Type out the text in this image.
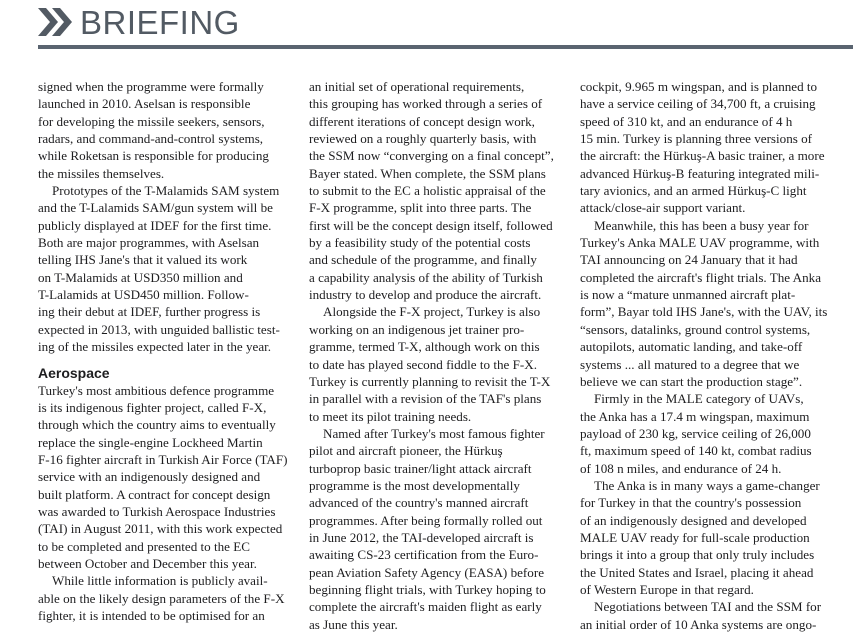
BRIEFING

signed when the programme were formally
launched in 2010. Aselsan is responsible
for developing the missile seekers, sensors,
radars, and command-and-control systems,
while Roketsan is responsible for producing
the missiles themselves.

Prototypes of the T-Malamids SAM system
and the T-Lalamids SAM/gun system will be
publicly displayed at IDEF for the first time.
Both are major programmes, with Aselsan
telling IHS Jane's that it valued its work
on T-Malamids at USD350 million and
T-Lalamids at USD450 million. Follow-
ing their debut at IDEF, further progress is
expected in 2013, with unguided ballistic test-
ing of the missiles expected later in the year.

Aerospace

Turkey's most ambitious defence programme
is its indigenous fighter project, called F-X,
through which the country aims to eventually
replace the single-engine Lockheed Martin
F-16 fighter aircraft in Turkish Air Force (TAF)
service with an indigenously designed and
built platform. A contract for concept design
was awarded to Turkish Aerospace Industries
(TAI) in August 2011, with this work expected
to be completed and presented to the EC
between October and December this year.

While little information is publicly avail-
able on the likely design parameters of the F-X
fighter, it is intended to be optimised for an

an initial set of operational requirements,
this grouping has worked through a series of
different iterations of concept design work,
reviewed on a roughly quarterly basis, with
the SSM now “converging on a final concept”,
Bayer stated. When complete, the SSM plans
to submit to the EC a holistic appraisal of the
F-X programme, split into three parts. The
first will be the concept design itself, followed
by a feasibility study of the potential costs
and schedule of the programme, and finally
a capability analysis of the ability of Turkish
industry to develop and produce the aircraft.

Alongside the F-X project, Turkey is also
working on an indigenous jet trainer pro-
gramme, termed T-X, although work on this
to date has played second fiddle to the F-X.
Turkey is currently planning to revisit the T-X
in parallel with a revision of the TAF's plans
to meet its pilot training needs.

Named after Turkey's most famous fighter
pilot and aircraft pioneer, the Hürkuş
turboprop basic trainer/light attack aircraft
programme is the most developmentally
advanced of the country's manned aircraft
programmes. After being formally rolled out
in June 2012, the TAI-developed aircraft is
awaiting CS-23 certification from the Euro-
pean Aviation Safety Agency (EASA) before
beginning flight trials, with Turkey hoping to
complete the aircraft's maiden flight as early
as June this year.

cockpit, 9.965 m wingspan, and is planned to
have a service ceiling of 34,700 ft, a cruising
speed of 310 kt, and an endurance of 4 h
15 min. Turkey is planning three versions of
the aircraft: the Hürkuş-A basic trainer, a more
advanced Hürkuş-B featuring integrated mili-
tary avionics, and an armed Hürkuş-C light
attack/close-air support variant.

Meanwhile, this has been a busy year for
Turkey's Anka MALE UAV programme, with
TAI announcing on 24 January that it had
completed the aircraft's flight trials. The Anka
is now a “mature unmanned aircraft plat-
form”, Bayar told IHS Jane's, with the UAV, its
“sensors, datalinks, ground control systems,
autopilots, automatic landing, and take-off
systems ... all matured to a degree that we
believe we can start the production stage”.

Firmly in the MALE category of UAVs,
the Anka has a 17.4 m wingspan, maximum
payload of 230 kg, service ceiling of 26,000
ft, maximum speed of 140 kt, combat radius
of 108 n miles, and endurance of 24 h.

The Anka is in many ways a game-changer
for Turkey in that the country's possession
of an indigenously designed and developed
MALE UAV ready for full-scale production
brings it into a group that only truly includes
the United States and Israel, placing it ahead
of Western Europe in that regard.

Negotiations between TAI and the SSM for
an initial order of 10 Anka systems are ongo-
